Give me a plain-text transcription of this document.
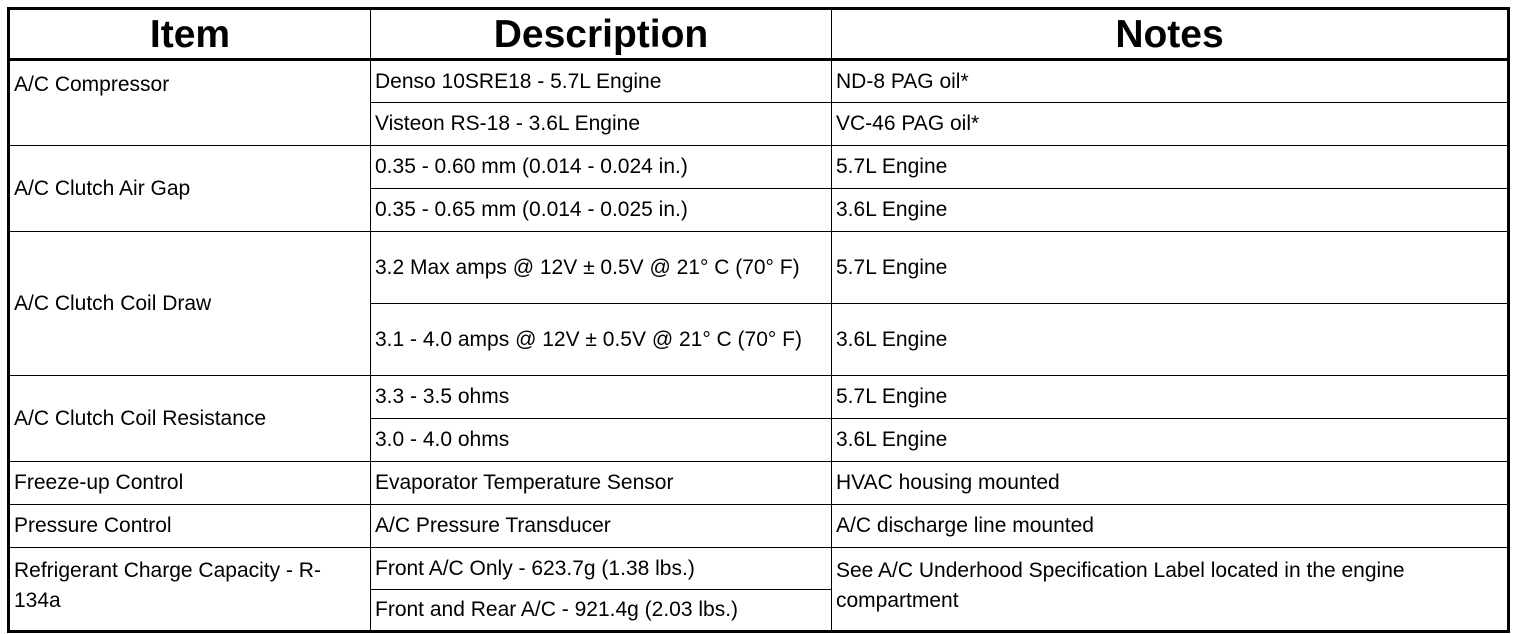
Item	Description	Notes
A/C Compressor	Denso 10SRE18 - 5.7L Engine	ND-8 PAG oil*
	Visteon RS-18 - 3.6L Engine	VC-46 PAG oil*
A/C Clutch Air Gap	0.35 - 0.60 mm (0.014 - 0.024 in.)	5.7L Engine
	0.35 - 0.65 mm (0.014 - 0.025 in.)	3.6L Engine
A/C Clutch Coil Draw	3.2 Max amps @ 12V ± 0.5V @ 21° C (70° F)	5.7L Engine
	3.1 - 4.0 amps @ 12V ± 0.5V @ 21° C (70° F)	3.6L Engine
A/C Clutch Coil Resistance	3.3 - 3.5 ohms	5.7L Engine
	3.0 - 4.0 ohms	3.6L Engine
Freeze-up Control	Evaporator Temperature Sensor	HVAC housing mounted
Pressure Control	A/C Pressure Transducer	A/C discharge line mounted
Refrigerant Charge Capacity - R-134a	Front A/C Only - 623.7g (1.38 lbs.)	See A/C Underhood Specification Label located in the engine compartment
	Front and Rear A/C - 921.4g (2.03 lbs.)	
